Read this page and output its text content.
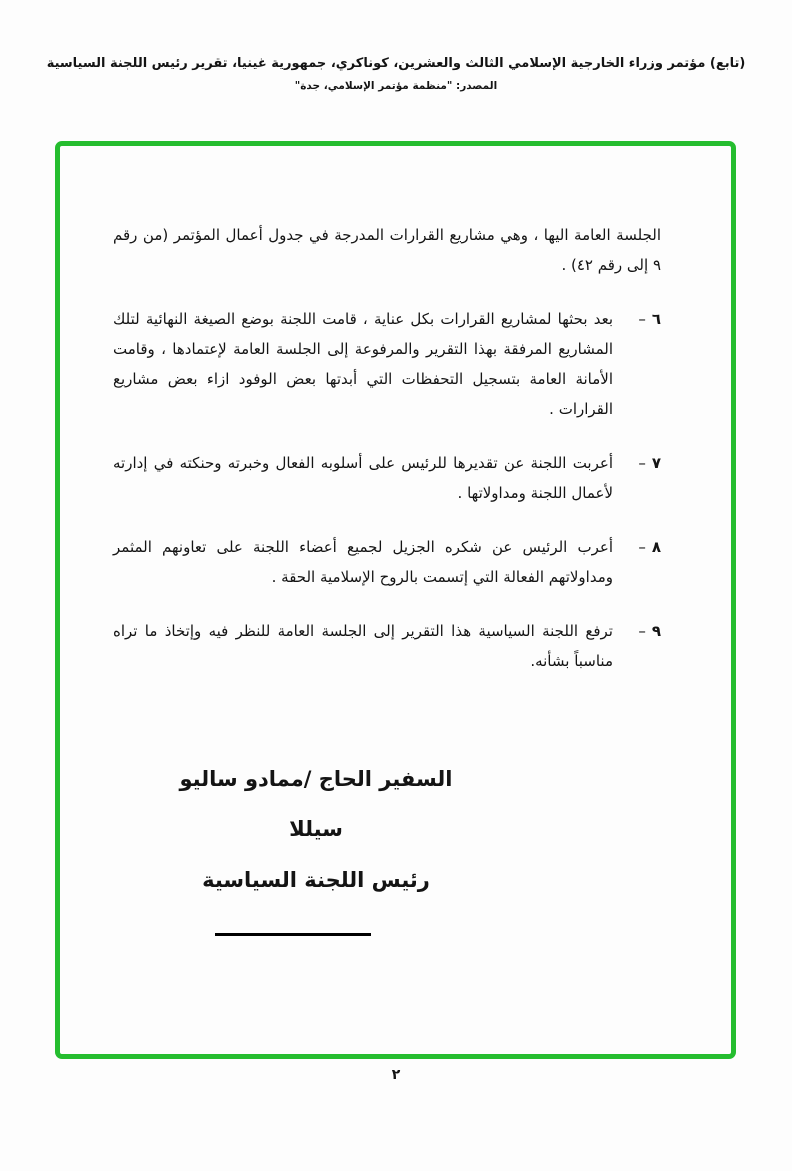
(تابع) مؤتمر وزراء الخارجية الإسلامي الثالث والعشرين، كوناكري، جمهورية غينيا، تقرير رئيس اللجنة السياسية
المصدر: "منظمة مؤتمر الإسلامي، جدة"

الجلسة العامة اليها ، وهي مشاريع القرارات المدرجة في جدول أعمال المؤتمر (من رقم ٩ إلى رقم ٤٢) .

٦–
بعد بحثها لمشاريع القرارات بكل عناية ، قامت اللجنة بوضع الصيغة النهائية لتلك المشاريع المرفقة بهذا التقرير والمرفوعة إلى الجلسة العامة لإعتمادها ، وقامت الأمانة العامة بتسجيل التحفظات التي أبدتها بعض الوفود ازاء بعض مشاريع القرارات .
٧–
أعربت اللجنة عن تقديرها للرئيس على أسلوبه الفعال وخبرته وحنكته في إدارته لأعمال اللجنة ومداولاتها .
٨–
أعرب الرئيس عن شكره الجزيل لجميع أعضاء اللجنة على تعاونهم المثمر ومداولاتهم الفعالة التي إتسمت بالروح الإسلامية الحقة .
٩–
ترفع اللجنة السياسية هذا التقرير إلى الجلسة العامة للنظر فيه وإتخاذ ما تراه مناسباً بشأنه.
السفير الحاج /ممادو ساليو سيللا
رئيس اللجنة السياسية
٢
